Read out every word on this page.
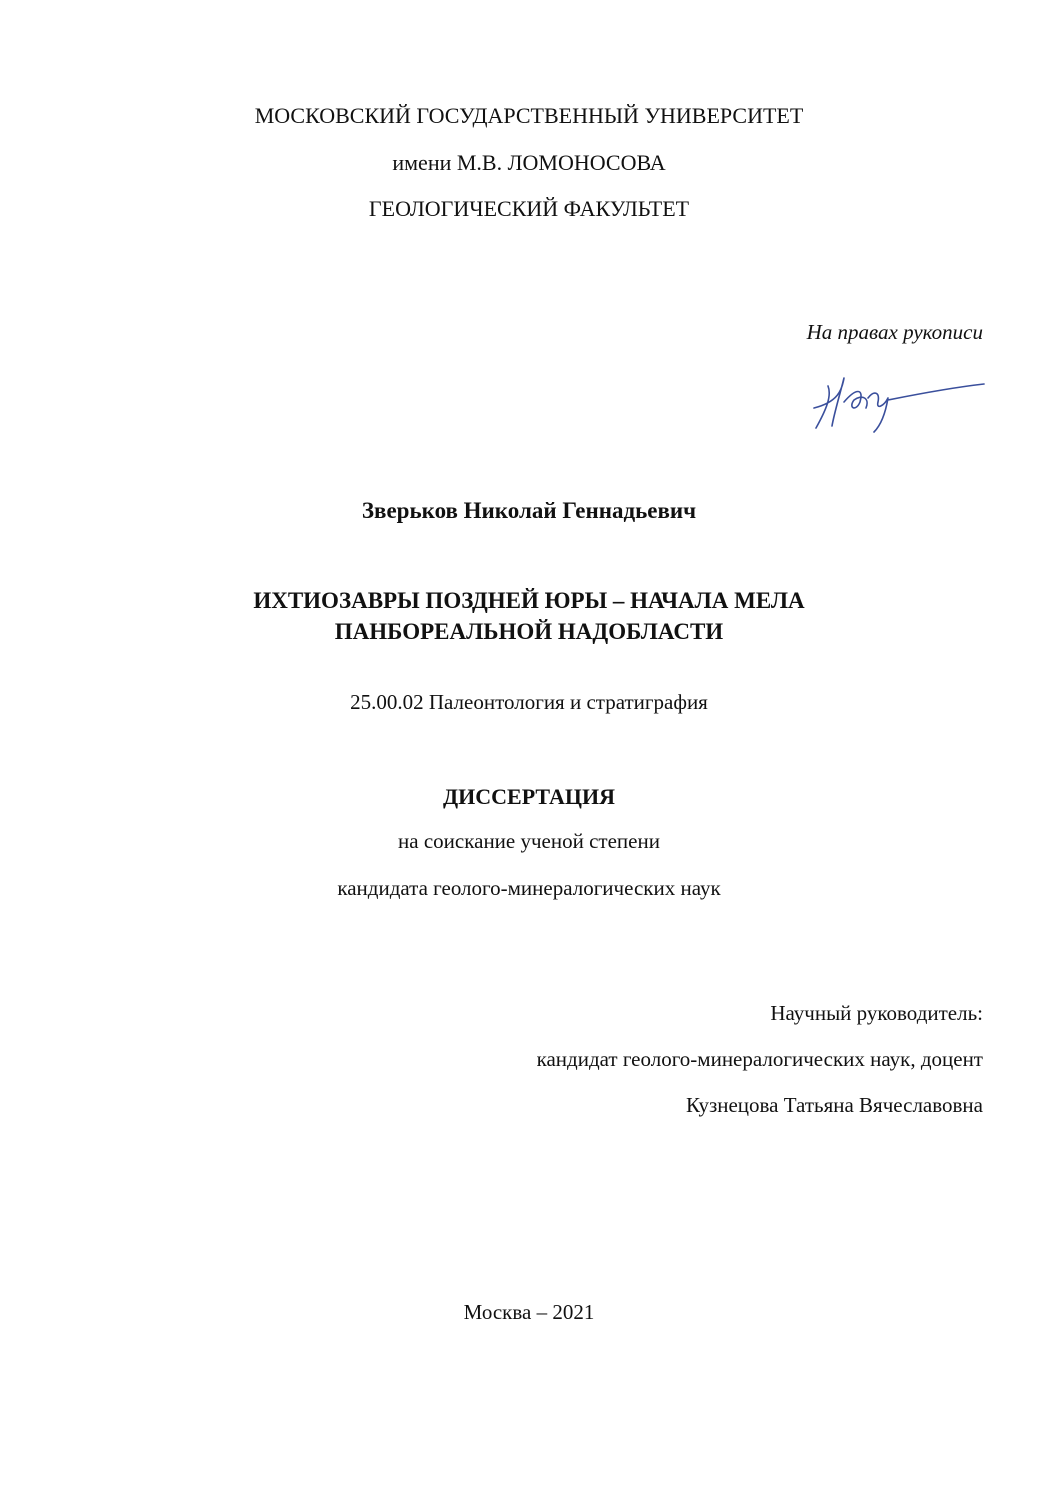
МОСКОВСКИЙ ГОСУДАРСТВЕННЫЙ УНИВЕРСИТЕТ
имени М.В. ЛОМОНОСОВА
ГЕОЛОГИЧЕСКИЙ ФАКУЛЬТЕТ
На правах рукописи
Зверьков Николай Геннадьевич
ИХТИОЗАВРЫ ПОЗДНЕЙ ЮРЫ – НАЧАЛА МЕЛА
ПАНБОРЕАЛЬНОЙ НАДОБЛАСТИ
25.00.02 Палеонтология и стратиграфия
ДИССЕРТАЦИЯ
на соискание ученой степени
кандидата геолого-минералогических наук
Научный руководитель:
кандидат геолого-минералогических наук, доцент
Кузнецова Татьяна Вячеславовна
Москва – 2021
